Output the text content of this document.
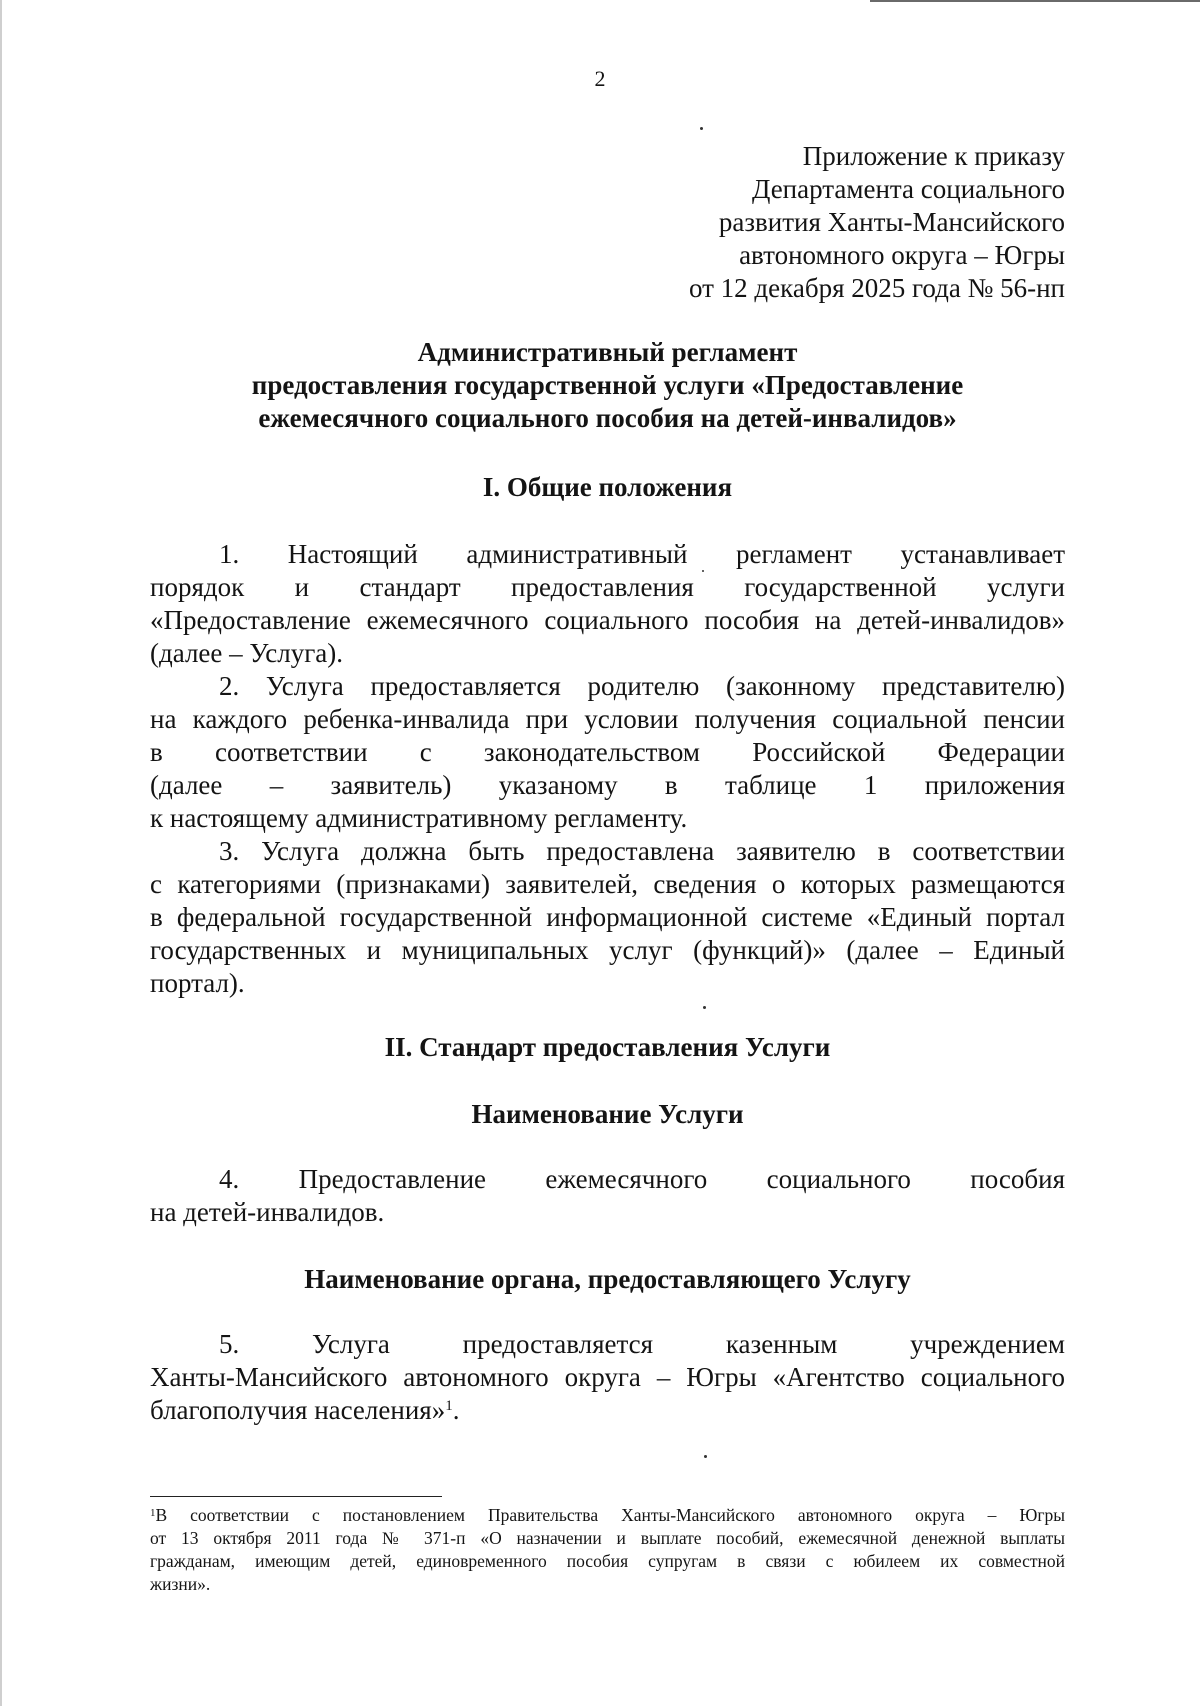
2
Приложение к приказу
Департамента социального
развития Ханты-Мансийского
автономного округа – Югры
от 12 декабря 2025 года № 56-нп
Административный регламент
предоставления государственной услуги «Предоставление
ежемесячного социального пособия на детей-инвалидов»
I. Общие положения
1. Настоящий административный регламент устанавливает
порядок и стандарт предоставления государственной услуги
«Предоставление ежемесячного социального пособия на детей-инвалидов»
(далее – Услуга).
2. Услуга предоставляется родителю (законному представителю)
на каждого ребенка-инвалида при условии получения социальной пенсии
в соответствии с законодательством Российской Федерации
(далее – заявитель) указаному в таблице 1 приложения
к настоящему административному регламенту.
3. Услуга должна быть предоставлена заявителю в соответствии
с категориями (признаками) заявителей, сведения о которых размещаются
в федеральной государственной информационной системе «Единый портал
государственных и муниципальных услуг (функций)» (далее – Единый
портал).
II. Стандарт предоставления Услуги
Наименование Услуги
4. Предоставление ежемесячного социального пособия
на детей-инвалидов.
Наименование органа, предоставляющего Услугу
5. Услуга предоставляется казенным учреждением
Ханты-Мансийского автономного округа – Югры «Агентство социального
благополучия населения»$^1$.
$^1$В соответствии с постановлением Правительства Ханты-Мансийского автономного округа – Югры
от 13 октября 2011 года № 371-п «О назначении и выплате пособий, ежемесячной денежной выплаты
гражданам, имеющим детей, единовременного пособия супругам в связи с юбилеем их совместной
жизни».
